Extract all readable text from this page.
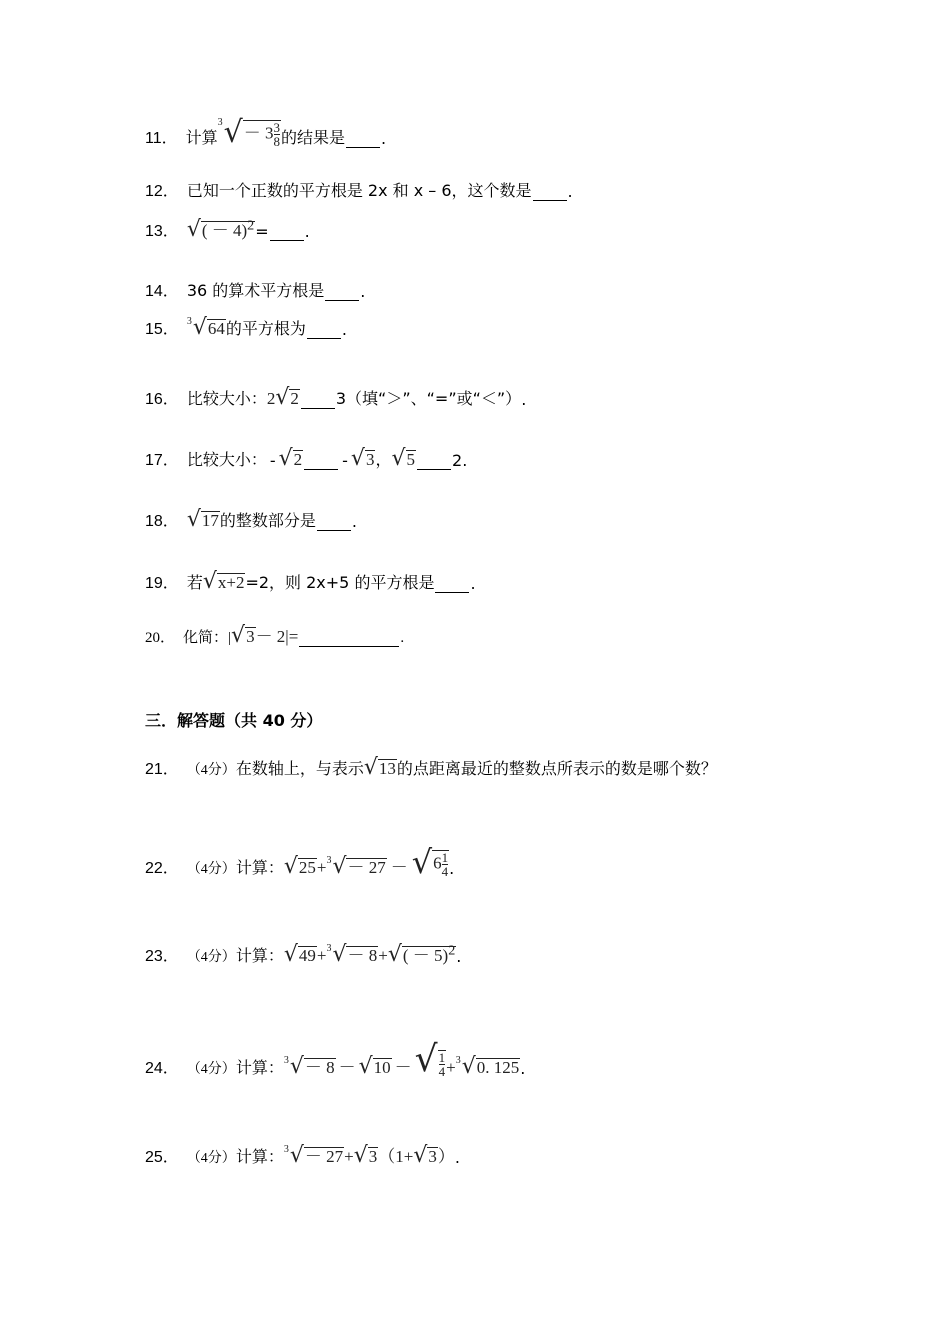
11． 计算
3 √ － $3 \frac{3}{8}$ 的结果是 .
12． 已知一个正数的平方根是 2x 和 x – 6，这个数是 .
13． √ ( － 4)$^2$ = .
14． 36 的算术平方根是 .
15． 3 √ 64 的平方根为 .
16． 比较大小： 2 √ 2 3（填“＞”、“=”或“＜”） .
17． 比较大小： - √ 2	- √ 3 ， √ 5 2 .
18． √ 17 的整数部分是 .
19． 若 √ x+2 =2，则 2x+5 的平方根是 .
20． 化简：| √ 3 － 2|=	.
三．解答题（共 40 分）
21． （4分） 在数轴上，与表示 √ 13 的点距离最近的整数点所表示的数是哪个数？
22． （4分） 计算： √ 25 + 3 √ － 27 － √ $6 \frac{1}{4}$ .
23． （4分） 计算： √ 49 + 3 √ － 8 + √ ( － 5)$^2$ .
24． （4分） 计算： 3 √ － 8 － √ 10 － √ $\frac{1}{4} + 3$ √ 0. 125 .
25． （4分） 计算： 3 √ － 27 + √ 3 （1+ √ 3 ） .
